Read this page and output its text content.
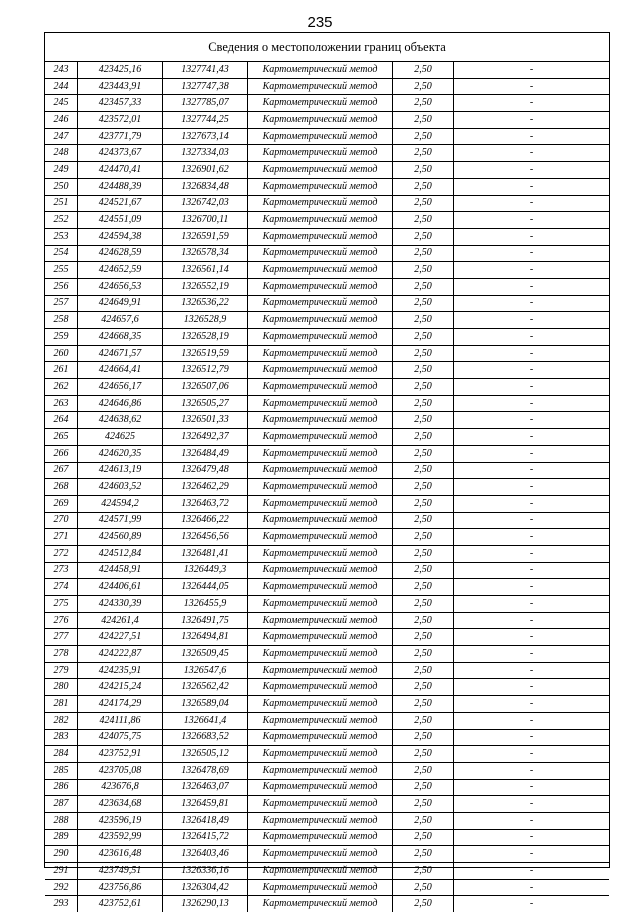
235
Сведения о местоположении границ объекта
243	423425,16	1327741,43	Картометрический метод	2,50	-
244	423443,91	1327747,38	Картометрический метод	2,50	-
245	423457,33	1327785,07	Картометрический метод	2,50	-
246	423572,01	1327744,25	Картометрический метод	2,50	-
247	423771,79	1327673,14	Картометрический метод	2,50	-
248	424373,67	1327334,03	Картометрический метод	2,50	-
249	424470,41	1326901,62	Картометрический метод	2,50	-
250	424488,39	1326834,48	Картометрический метод	2,50	-
251	424521,67	1326742,03	Картометрический метод	2,50	-
252	424551,09	1326700,11	Картометрический метод	2,50	-
253	424594,38	1326591,59	Картометрический метод	2,50	-
254	424628,59	1326578,34	Картометрический метод	2,50	-
255	424652,59	1326561,14	Картометрический метод	2,50	-
256	424656,53	1326552,19	Картометрический метод	2,50	-
257	424649,91	1326536,22	Картометрический метод	2,50	-
258	424657,6	1326528,9	Картометрический метод	2,50	-
259	424668,35	1326528,19	Картометрический метод	2,50	-
260	424671,57	1326519,59	Картометрический метод	2,50	-
261	424664,41	1326512,79	Картометрический метод	2,50	-
262	424656,17	1326507,06	Картометрический метод	2,50	-
263	424646,86	1326505,27	Картометрический метод	2,50	-
264	424638,62	1326501,33	Картометрический метод	2,50	-
265	424625	1326492,37	Картометрический метод	2,50	-
266	424620,35	1326484,49	Картометрический метод	2,50	-
267	424613,19	1326479,48	Картометрический метод	2,50	-
268	424603,52	1326462,29	Картометрический метод	2,50	-
269	424594,2	1326463,72	Картометрический метод	2,50	-
270	424571,99	1326466,22	Картометрический метод	2,50	-
271	424560,89	1326456,56	Картометрический метод	2,50	-
272	424512,84	1326481,41	Картометрический метод	2,50	-
273	424458,91	1326449,3	Картометрический метод	2,50	-
274	424406,61	1326444,05	Картометрический метод	2,50	-
275	424330,39	1326455,9	Картометрический метод	2,50	-
276	424261,4	1326491,75	Картометрический метод	2,50	-
277	424227,51	1326494,81	Картометрический метод	2,50	-
278	424222,87	1326509,45	Картометрический метод	2,50	-
279	424235,91	1326547,6	Картометрический метод	2,50	-
280	424215,24	1326562,42	Картометрический метод	2,50	-
281	424174,29	1326589,04	Картометрический метод	2,50	-
282	424111,86	1326641,4	Картометрический метод	2,50	-
283	424075,75	1326683,52	Картометрический метод	2,50	-
284	423752,91	1326505,12	Картометрический метод	2,50	-
285	423705,08	1326478,69	Картометрический метод	2,50	-
286	423676,8	1326463,07	Картометрический метод	2,50	-
287	423634,68	1326459,81	Картометрический метод	2,50	-
288	423596,19	1326418,49	Картометрический метод	2,50	-
289	423592,99	1326415,72	Картометрический метод	2,50	-
290	423616,48	1326403,46	Картометрический метод	2,50	-
291	423749,51	1326336,16	Картометрический метод	2,50	-
292	423756,86	1326304,42	Картометрический метод	2,50	-
293	423752,61	1326290,13	Картометрический метод	2,50	-
